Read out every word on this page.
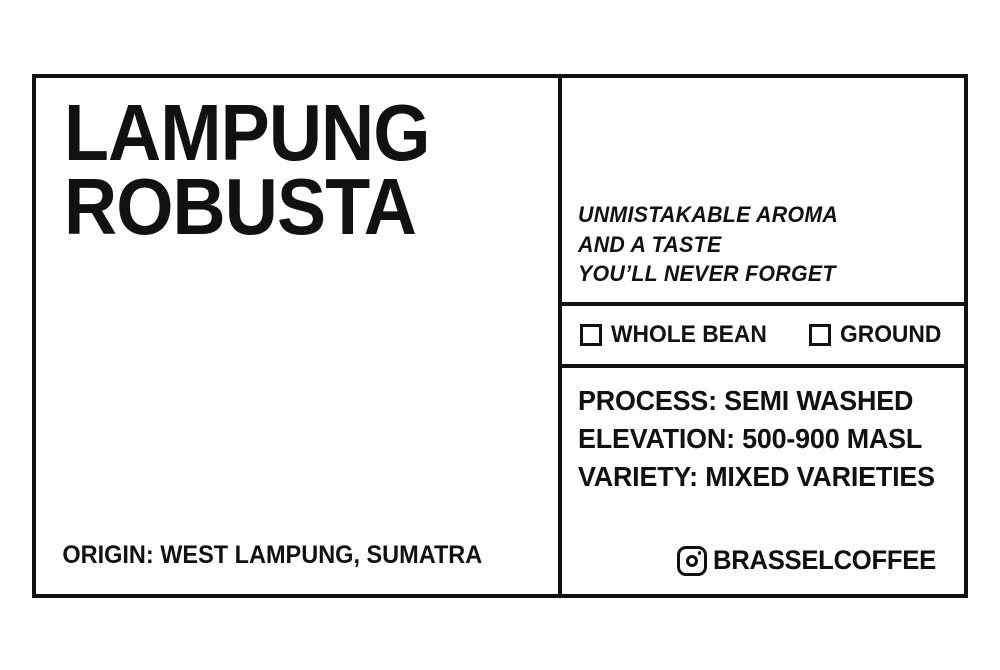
LAMPUNG
ROBUSTA
ORIGIN: WEST LAMPUNG, SUMATRA
UNMISTAKABLE AROMA
AND A TASTE
YOU’LL NEVER FORGET
WHOLE BEAN	GROUND
PROCESS: SEMI WASHED
ELEVATION: 500-900 MASL
VARIETY: MIXED VARIETIES
BRASSELCOFFEE
